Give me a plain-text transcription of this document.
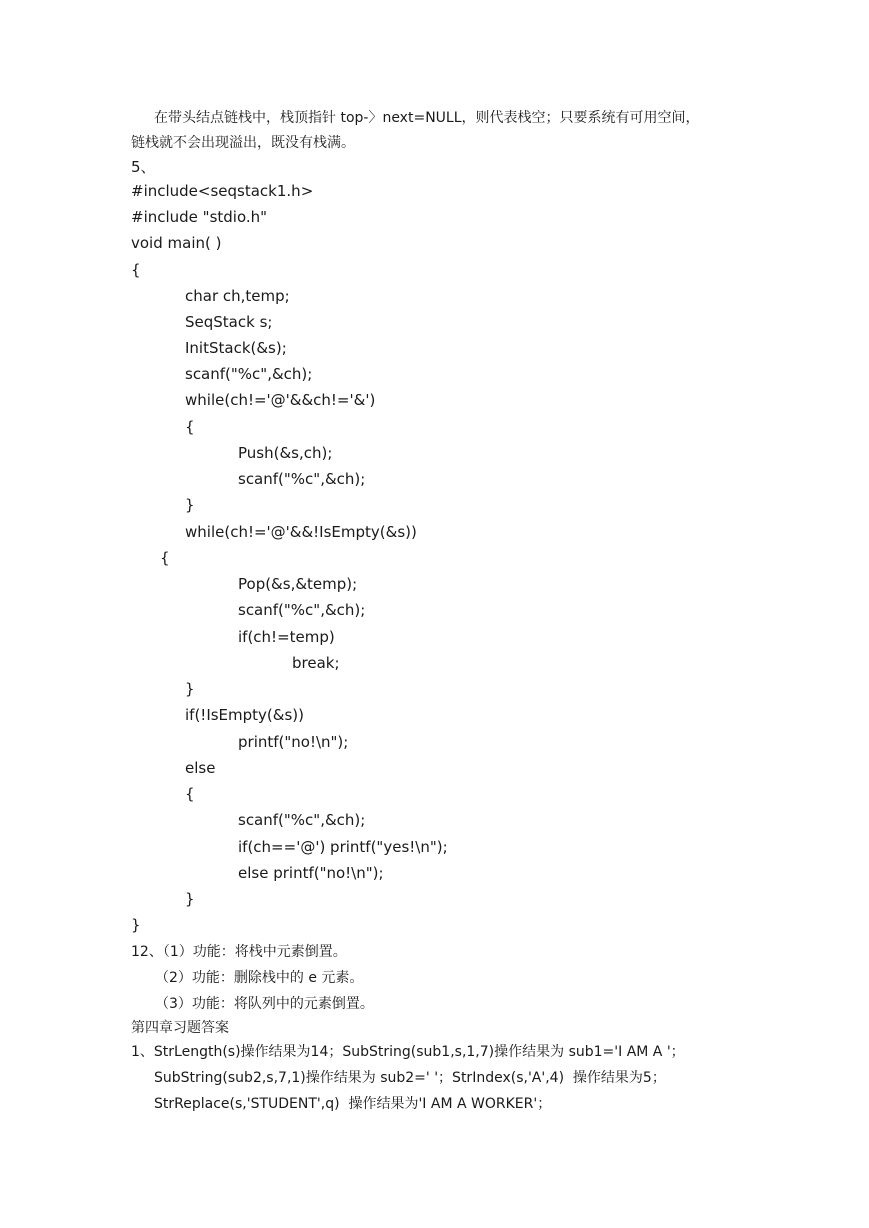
在带头结点链栈中，栈顶指针 top-〉next=NULL，则代表栈空；只要系统有可用空间，
链栈就不会出现溢出，既没有栈满。
5、
#include<seqstack1.h>
#include "stdio.h"
void main( )
{
char ch,temp;
SeqStack s;
InitStack(&s);
scanf("%c",&ch);
while(ch!='@'&&ch!='&')
{
Push(&s,ch);
scanf("%c",&ch);
}
while(ch!='@'&&!IsEmpty(&s))
{
Pop(&s,&temp);
scanf("%c",&ch);
if(ch!=temp)
break;
}
if(!IsEmpty(&s))
printf("no!\n");
else
{
scanf("%c",&ch);
if(ch=='@') printf("yes!\n");
else printf("no!\n");
}
}
12、（1）功能：将栈中元素倒置。
（2）功能：删除栈中的 e 元素。
（3）功能：将队列中的元素倒置。
第四章习题答案
1、StrLength(s)操作结果为14；SubString(sub1,s,1,7)操作结果为 sub1='I AM A '；
SubString(sub2,s,7,1)操作结果为 sub2=' '；StrIndex(s,'A',4)  操作结果为5；
StrReplace(s,'STUDENT',q)  操作结果为'I AM A WORKER'；
